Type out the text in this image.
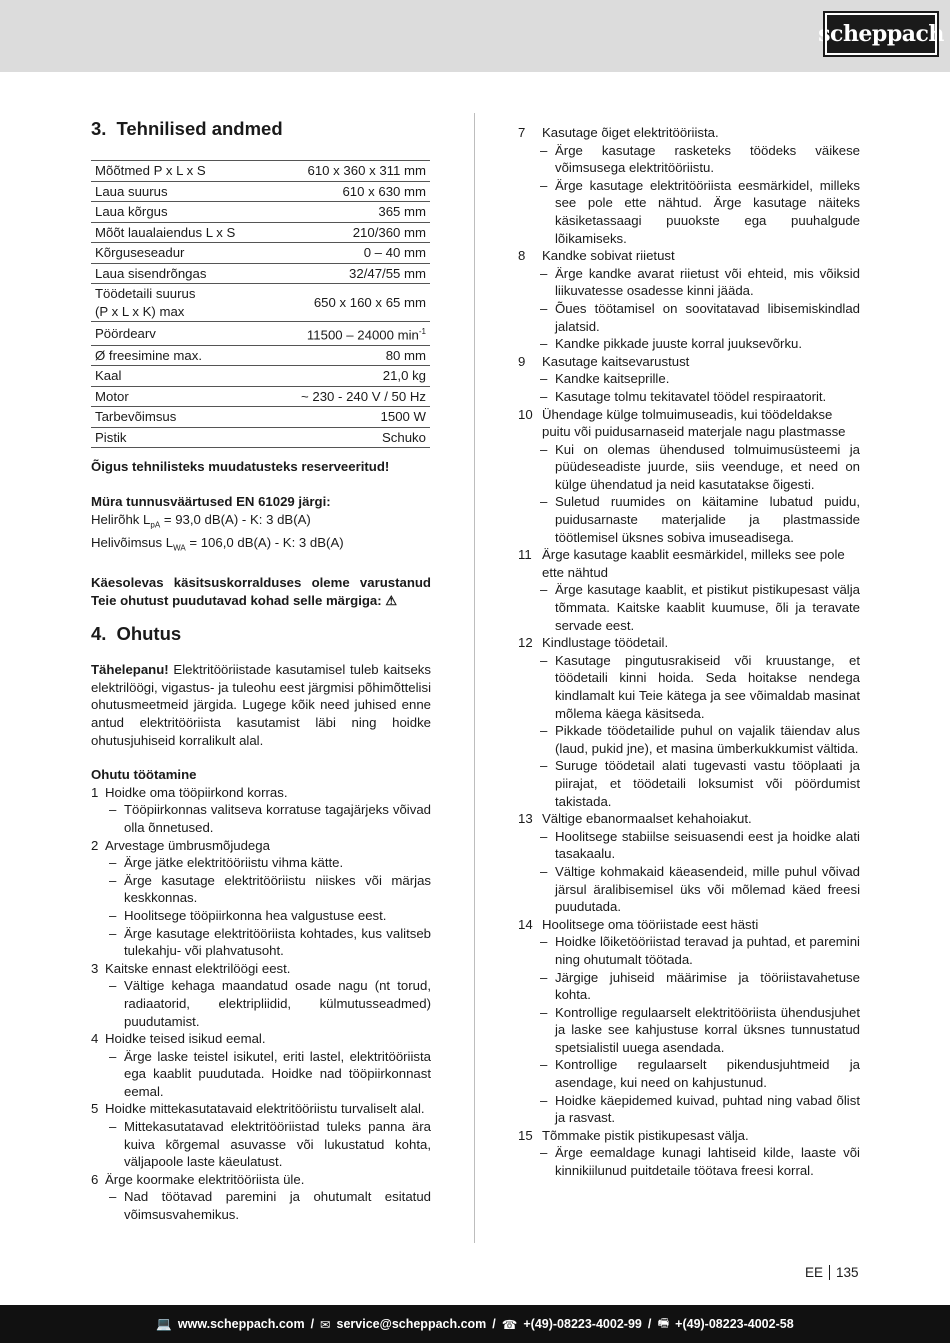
scheppach
3. Tehnilised andmed
Mõõtmed P x L x S	610 x 360 x 311 mm
Laua suurus	610 x 630 mm
Laua kõrgus	365 mm
Mõõt laualaiendus L x S	210/360 mm
Kõrguseseadur	0 – 40 mm
Laua sisendrõngas	32/47/55 mm
Töödetaili suurus
(P x L x K) max	650 x 160 x 65 mm
Pöördearv	11500 – 24000 $\min^{-1}$
Ø freesimine max.	80 mm
Kaal	21,0 kg
Motor	~ 230 - 240 V / 50 Hz
Tarbevõimsus	1500 W
Pistik	Schuko
Õigus tehnilisteks muudatusteks reserveeritud!
Müra tunnusväärtused EN 61029 järgi:
Helirõhk $L_{pA} = 93,0$ dB(A) - K: 3 dB(A)
Helivõimsus $L_{WA} = 106,0$ dB(A) - K: 3 dB(A)
Käesolevas käsitsuskorralduses oleme varustanud Teie ohutust puudutavad kohad selle märgiga: ⚠
4. Ohutus
Tähelepanu! Elektritööriistade kasutamisel tuleb kaitseks elektrilöögi, vigastus- ja tuleohu eest järgmisi põhimõttelisi ohutusmeetmeid järgida. Lugege kõik need juhised enne antud elektritööriista kasutamist läbi ning hoidke ohutusjuhiseid korralikult alal.
Ohutu töötamine
1 Hoidke oma tööpiirkond korras.
– Tööpiirkonnas valitseva korratuse tagajärjeks võivad olla õnnetused.
2 Arvestage ümbrusmõjudega
– Ärge jätke elektritööriistu vihma kätte.
– Ärge kasutage elektritööriistu niiskes või märjas keskkonnas.
– Hoolitsege tööpiirkonna hea valgustuse eest.
– Ärge kasutage elektritööriista kohtades, kus valitseb tulekahju- või plahvatusoht.
3 Kaitske ennast elektrilöögi eest.
– Vältige kehaga maandatud osade nagu (nt torud, radiaatorid, elektripliidid, külmutusseadmed) puudutamist.
4 Hoidke teised isikud eemal.
– Ärge laske teistel isikutel, eriti lastel, elektritööriista ega kaablit puudutada. Hoidke nad tööpiirkonnast eemal.
5 Hoidke mittekasutatavaid elektritööriistu turvaliselt alal.
– Mittekasutatavad elektritööriistad tuleks panna ära kuiva kõrgemal asuvasse või lukustatud kohta, väljapoole laste käeulatust.
6 Ärge koormake elektritööriista üle.
– Nad töötavad paremini ja ohutumalt esitatud võimsusvahemikus.
7	Kasutage õiget elektritööriista.
– Ärge kasutage rasketeks töödeks väikese võimsusega elektritööriistu.
– Ärge kasutage elektritööriista eesmärkidel, milleks see pole ette nähtud. Ärge kasutage näiteks käsiketassaagi puuokste ega puuhalgude lõikamiseks.
8	Kandke sobivat riietust
– Ärge kandke avarat riietust või ehteid, mis võiksid liikuvatesse osadesse kinni jääda.
– Õues töötamisel on soovitatavad libisemiskindlad jalatsid.
– Kandke pikkade juuste korral juuksevõrku.
9	Kasutage kaitsevarustust
– Kandke kaitseprille.
– Kasutage tolmu tekitavatel töödel respiraatorit.
10 Ühendage külge tolmuimuseadis, kui töödeldakse puitu või puidusarnaseid materjale nagu plastmasse
– Kui on olemas ühendused tolmuimusüsteemi ja püüdeseadiste juurde, siis veenduge, et need on külge ühendatud ja neid kasutatakse õigesti.
– Suletud ruumides on käitamine lubatud puidu, puidusarnaste materjalide ja plastmasside töötlemisel üksnes sobiva imuseadisega.
11 Ärge kasutage kaablit eesmärkidel, milleks see pole ette nähtud
– Ärge kasutage kaablit, et pistikut pistikupesast välja tõmmata. Kaitske kaablit kuumuse, õli ja teravate servade eest.
12 Kindlustage töödetail.
– Kasutage pingutusrakiseid või kruustange, et töödetaili kinni hoida. Seda hoitakse nendega kindlamalt kui Teie kätega ja see võimaldab masinat mõlema käega käsitseda.
– Pikkade töödetailide puhul on vajalik täiendav alus (laud, pukid jne), et masina ümberkukkumist vältida.
– Suruge töödetail alati tugevasti vastu tööplaati ja piirajat, et töödetaili loksumist või pöördumist takistada.
13 Vältige ebanormaalset kehahoiakut.
– Hoolitsege stabiilse seisuasendi eest ja hoidke alati tasakaalu.
– Vältige kohmakaid käeasendeid, mille puhul võivad järsul äralibisemisel üks või mõlemad käed freesi puudutada.
14 Hoolitsege oma tööriistade eest hästi
– Hoidke lõiketööriistad teravad ja puhtad, et paremini ning ohutumalt töötada.
– Järgige juhiseid määrimise ja tööriistavahetuse kohta.
– Kontrollige regulaarselt elektritööriista ühendusjuhet ja laske see kahjustuse korral üksnes tunnustatud spetsialistil uuega asendada.
– Kontrollige regulaarselt pikendusjuhtmeid ja asendage, kui need on kahjustunud.
– Hoidke käepidemed kuivad, puhtad ning vabad õlist ja rasvast.
15 Tõmmake pistik pistikupesast välja.
– Ärge eemaldage kunagi lahtiseid kilde, laaste või kinnikiilunud puitdetaile töötava freesi korral.
EE 135
💻 www.scheppach.com / ✉ service@scheppach.com / ☎ +(49)-08223-4002-99 / 🖷 +(49)-08223-4002-58
